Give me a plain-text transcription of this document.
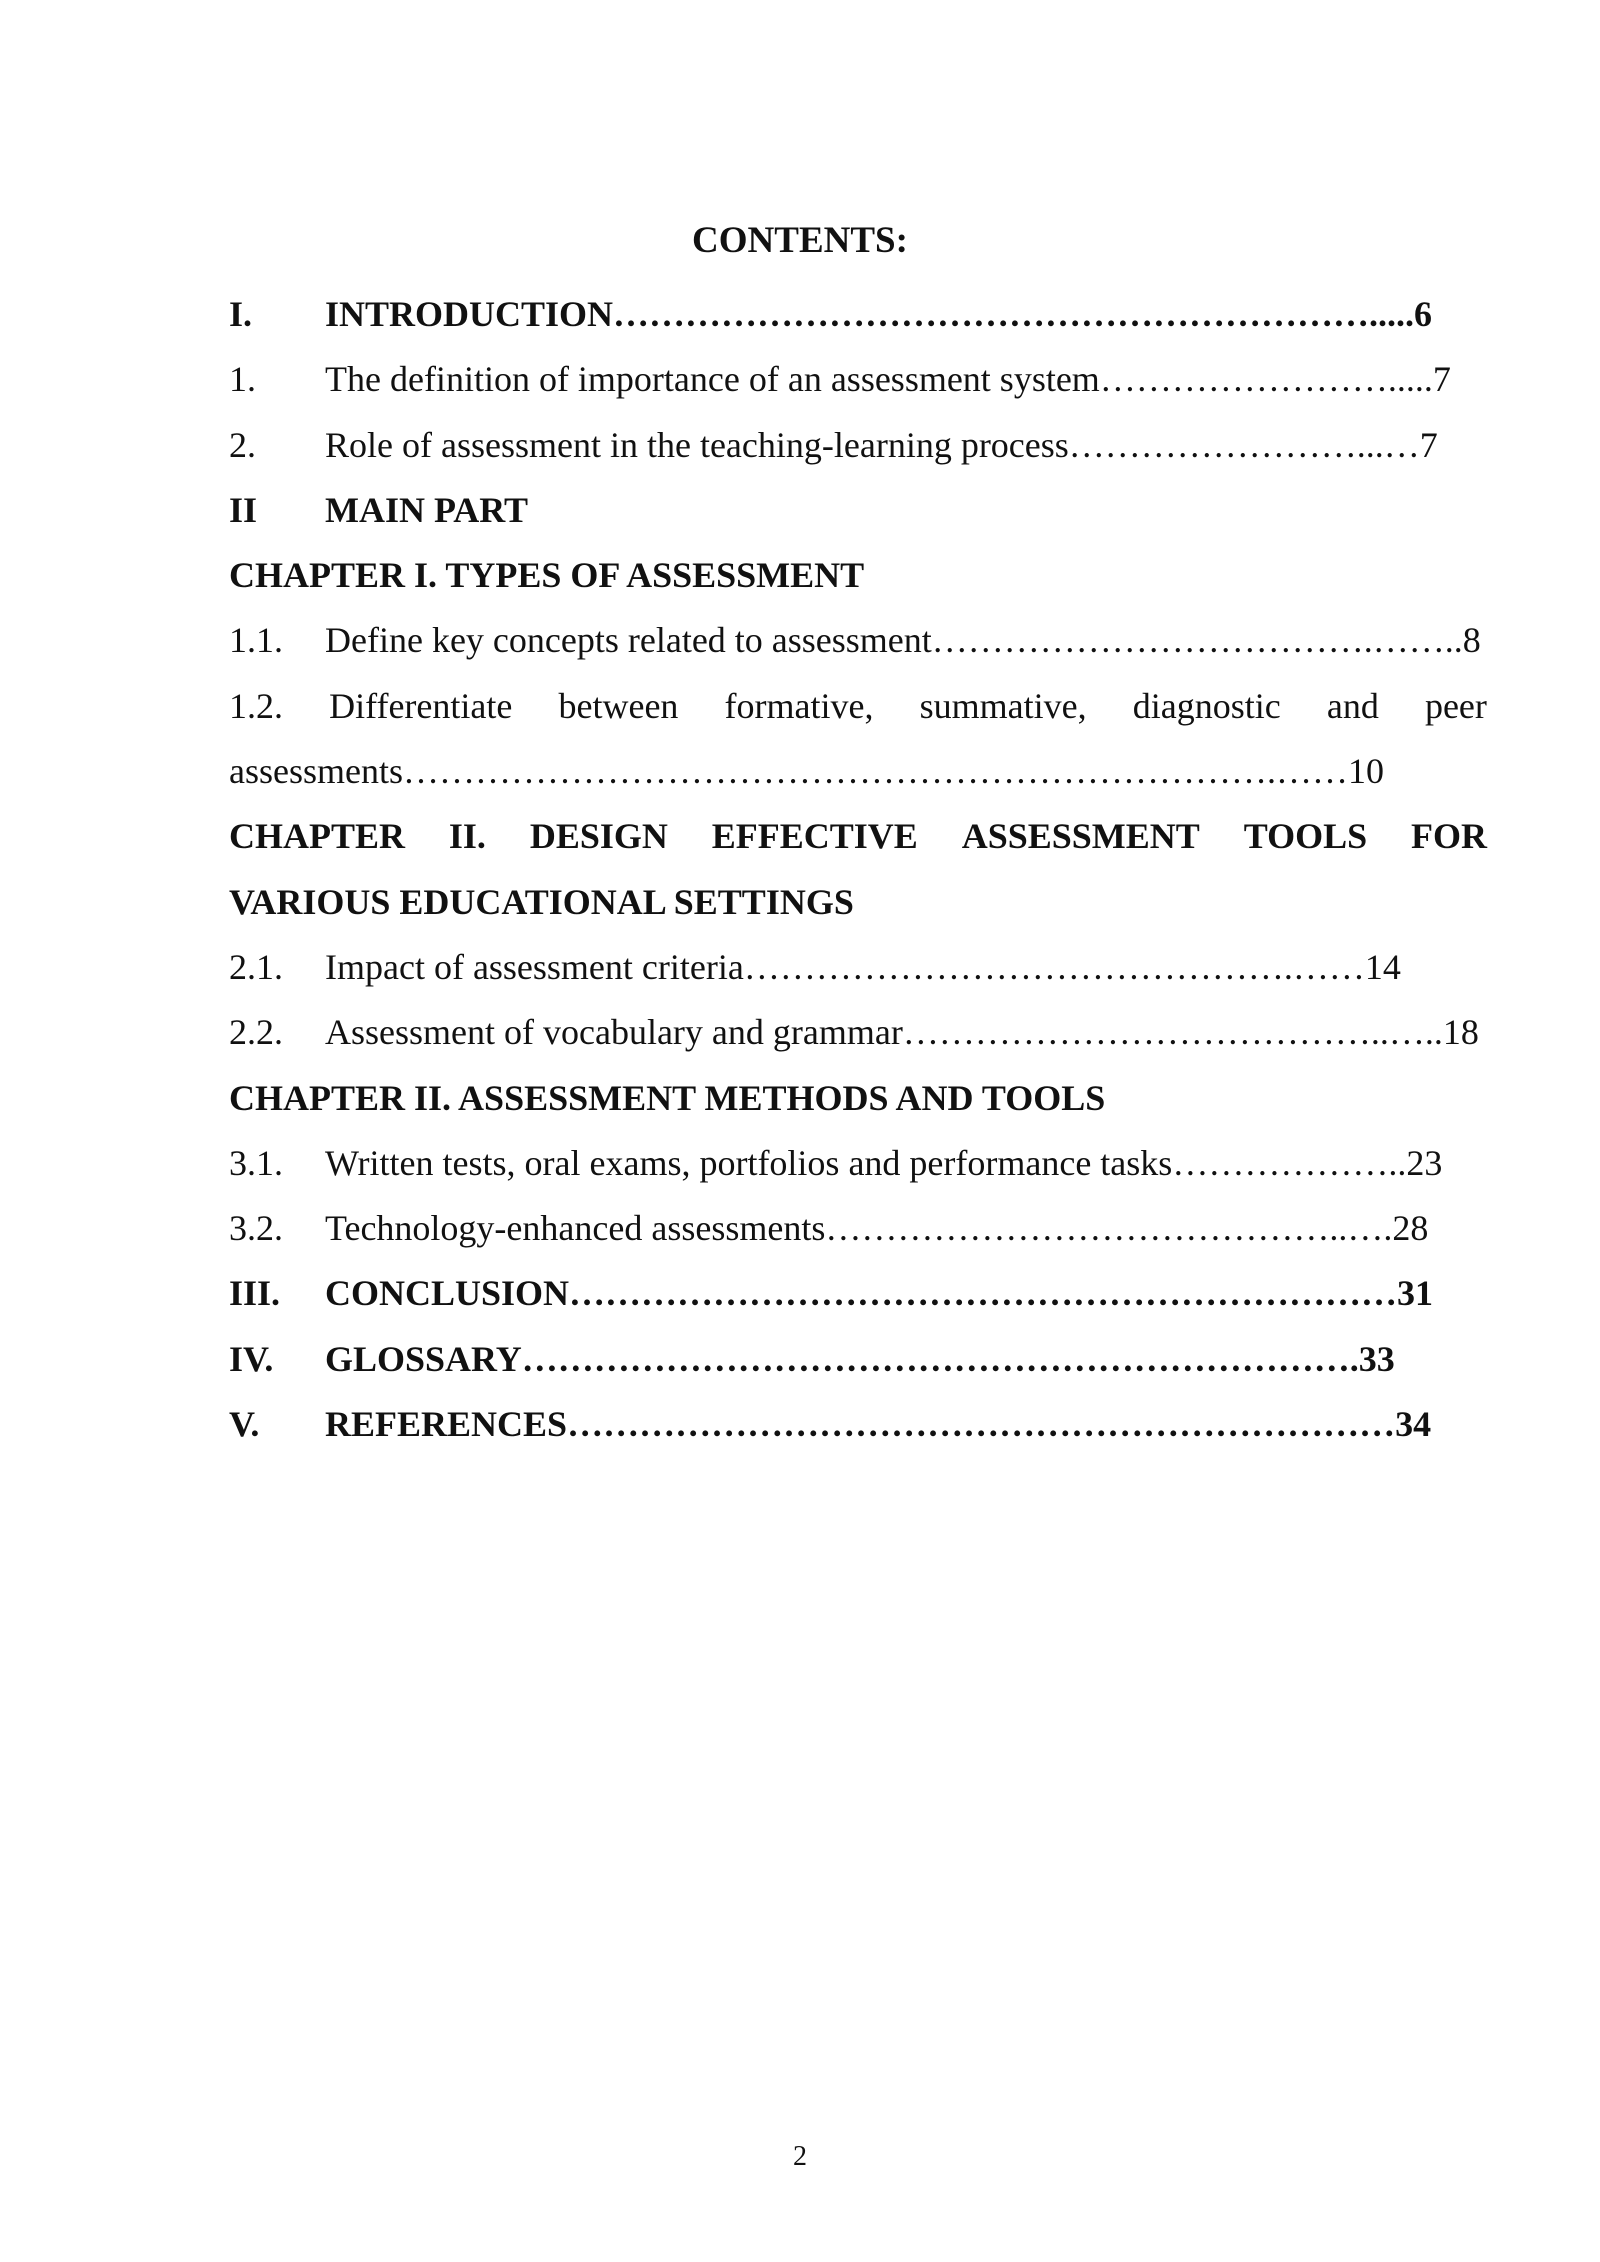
CONTENTS:
I. INTRODUCTION……………………………………………………….....6
1. The definition of importance of an assessment system…………………….....7
2. Role of assessment in the teaching-learning process……………………...…7
II MAIN PART
CHAPTER I. TYPES OF ASSESSMENT
1.1. Define key concepts related to assessment……………………………….……..8
1.2. Differentiate between formative, summative, diagnostic and peer
assessments……………………………………………………………….……10
CHAPTER II. DESIGN EFFECTIVE ASSESSMENT TOOLS FOR
VARIOUS EDUCATIONAL SETTINGS
2.1. Impact of assessment criteria……………………………………….……14
2.2. Assessment of vocabulary and grammar…………………………………..…..18
CHAPTER II. ASSESSMENT METHODS AND TOOLS
3.1. Written tests, oral exams, portfolios and performance tasks………………..23
3.2. Technology-enhanced assessments……………………………………..….28
III. CONCLUSION……………………………………………………………31
IV. GLOSSARY…………………………………………………………….33
V. REFERENCES……………………………………………………………34
2
